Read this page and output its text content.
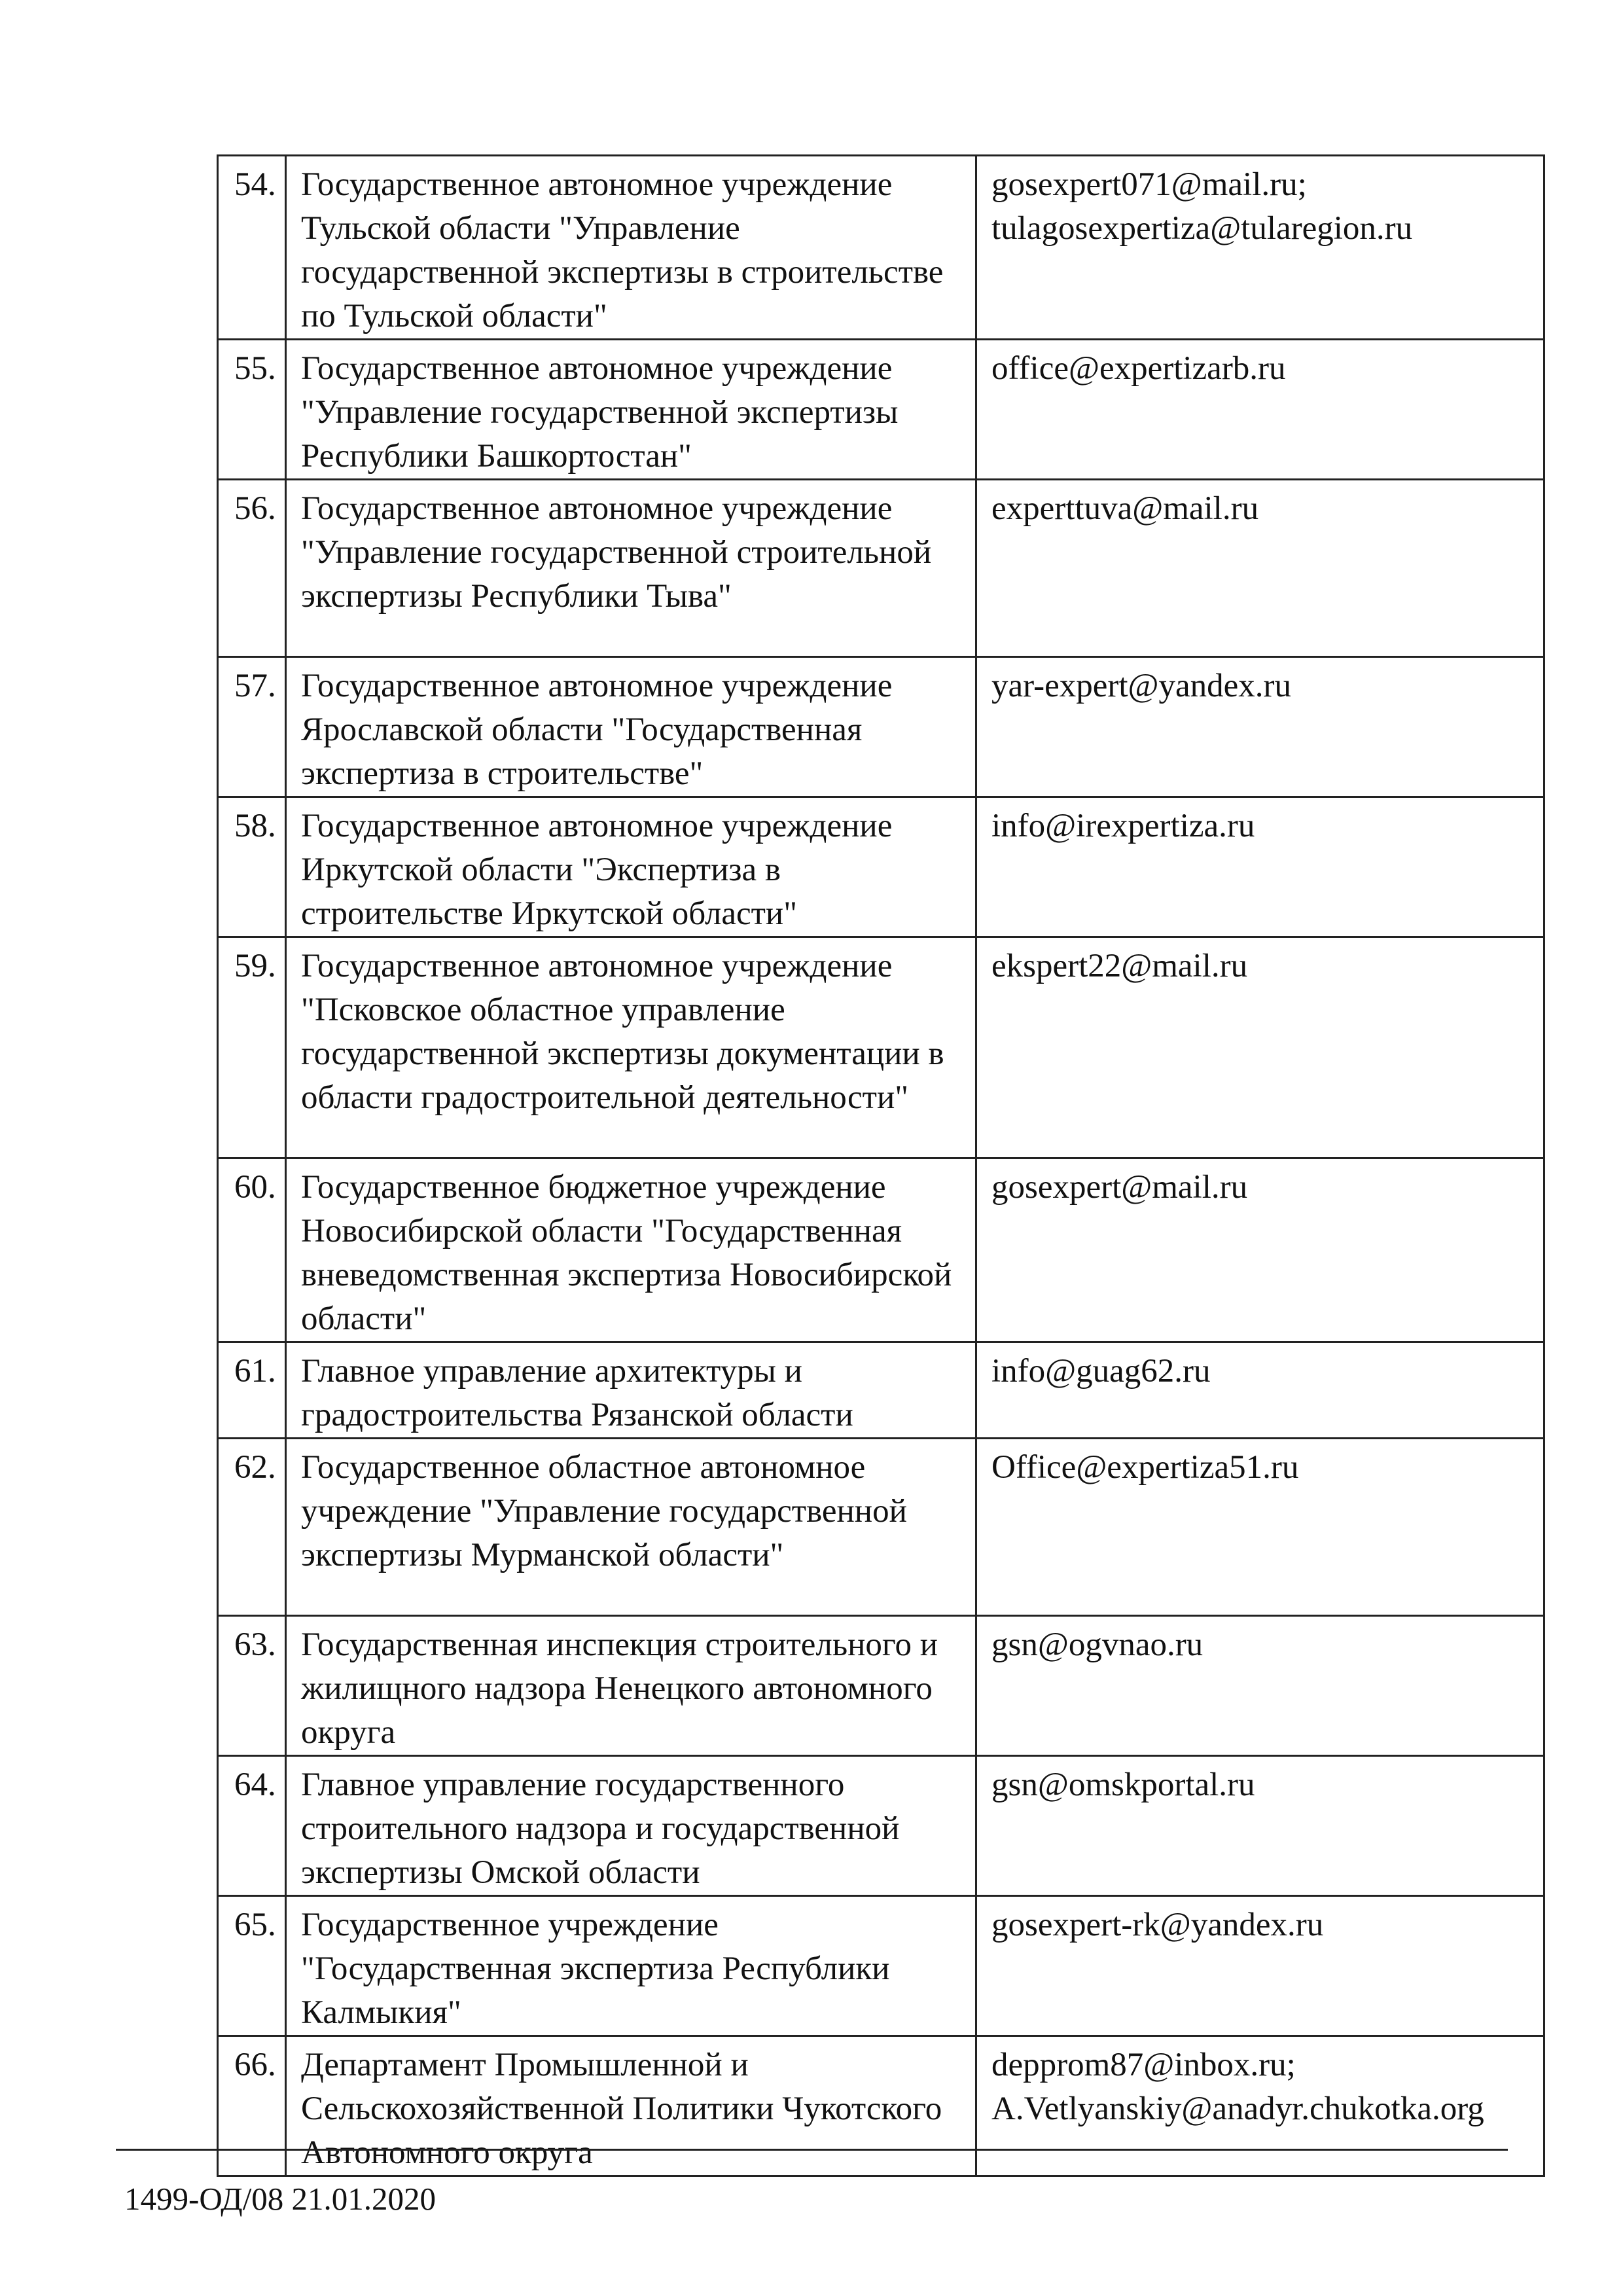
54.	Государственное автономное учреждение Тульской области "Управление государственной экспертизы в строительстве по Тульской области"	gosexpert071@mail.ru;
tulagosexpertiza@tularegion.ru

55.	Государственное автономное учреждение "Управление государственной экспертизы Республики Башкортостан"	office@expertizarb.ru
56.	Государственное автономное учреждение "Управление государственной строительной экспертизы Республики Тыва"	experttuva@mail.ru
57.	Государственное автономное учреждение Ярославской области "Государственная экспертиза в строительстве"	yar-expert@yandex.ru
58.	Государственное автономное учреждение Иркутской области "Экспертиза в строительстве Иркутской области"	info@irexpertiza.ru
59.	Государственное автономное учреждение "Псковское областное управление государственной экспертизы документации в области градостроительной деятельности"	ekspert22@mail.ru
60.	Государственное бюджетное учреждение Новосибирской области "Государственная вневедомственная экспертиза Новосибирской области"	gosexpert@mail.ru
61.	Главное управление архитектуры и градостроительства Рязанской области	info@guag62.ru
62.	Государственное областное автономное учреждение "Управление государственной экспертизы Мурманской области"	Office@expertiza51.ru
63.	Государственная инспекция строительного и жилищного надзора Ненецкого автономного округа	gsn@ogvnao.ru
64.	Главное управление государственного строительного надзора и государственной экспертизы Омской области	gsn@omskportal.ru
65.	Государственное учреждение "Государственная экспертиза Республики Калмыкия"	gosexpert-rk@yandex.ru
66.	Департамент Промышленной и Сельскохозяйственной Политики Чукотского Автономного округа	depprom87@inbox.ru;
A.Vetlyanskiy@anadyr.chukotka.org
1499-ОД/08 21.01.2020
